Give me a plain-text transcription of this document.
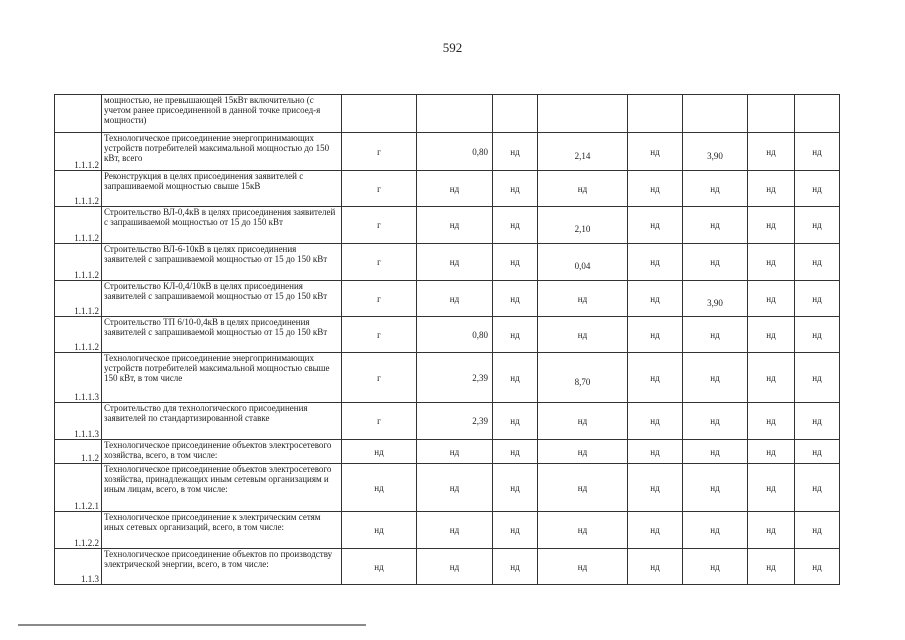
592
	мощностью, не превышающей 15кВт включительно (с учетом ранее присоединенной в данной точке присоед-я мощности)								
1.1.1.2	Технологическое присоединение энергопринимающих устройств потребителей максимальной мощностью до 150 кВт, всего	г	0,80	нд	2,14	нд	3,90	нд	нд
1.1.1.2	Реконструкция в целях присоединения заявителей с запрашиваемой мощностью свыше 15кВ	г	нд	нд	нд	нд	нд	нд	нд
1.1.1.2	Строительство ВЛ-0,4кВ в целях присоединения заявителей с запрашиваемой мощностью от 15 до 150 кВт	г	нд	нд	2,10	нд	нд	нд	нд
1.1.1.2	Строительство ВЛ-6-10кВ в целях присоединения заявителей с запрашиваемой мощностью от 15 до 150 кВт	г	нд	нд	0,04	нд	нд	нд	нд
1.1.1.2	Строительство КЛ-0,4/10кВ в целях присоединения заявителей с запрашиваемой мощностью от 15 до 150 кВт	г	нд	нд	нд	нд	3,90	нд	нд
1.1.1.2	Строительство ТП 6/10-0,4кВ в целях присоединения заявителей с запрашиваемой мощностью от 15 до 150 кВт	г	0,80	нд	нд	нд	нд	нд	нд
1.1.1.3	Технологическое присоединение энергопринимающих устройств потребителей максимальной мощностью свыше 150 кВт, в том числе	г	2,39	нд	8,70	нд	нд	нд	нд
1.1.1.3	Строительство для технологического присоединения заявителей по стандартизированной ставке	г	2,39	нд	нд	нд	нд	нд	нд
1.1.2	Технологическое присоединение объектов электросетевого хозяйства, всего, в том числе:	нд	нд	нд	нд	нд	нд	нд	нд
1.1.2.1	Технологическое присоединение объектов электросетевого хозяйства, принадлежащих иным сетевым организациям и иным лицам, всего, в том числе:	нд	нд	нд	нд	нд	нд	нд	нд
1.1.2.2	Технологическое присоединение к электрическим сетям иных сетевых организаций, всего, в том числе:	нд	нд	нд	нд	нд	нд	нд	нд
1.1.3	Технологическое присоединение объектов по производству электрической энергии, всего, в том числе:	нд	нд	нд	нд	нд	нд	нд	нд
